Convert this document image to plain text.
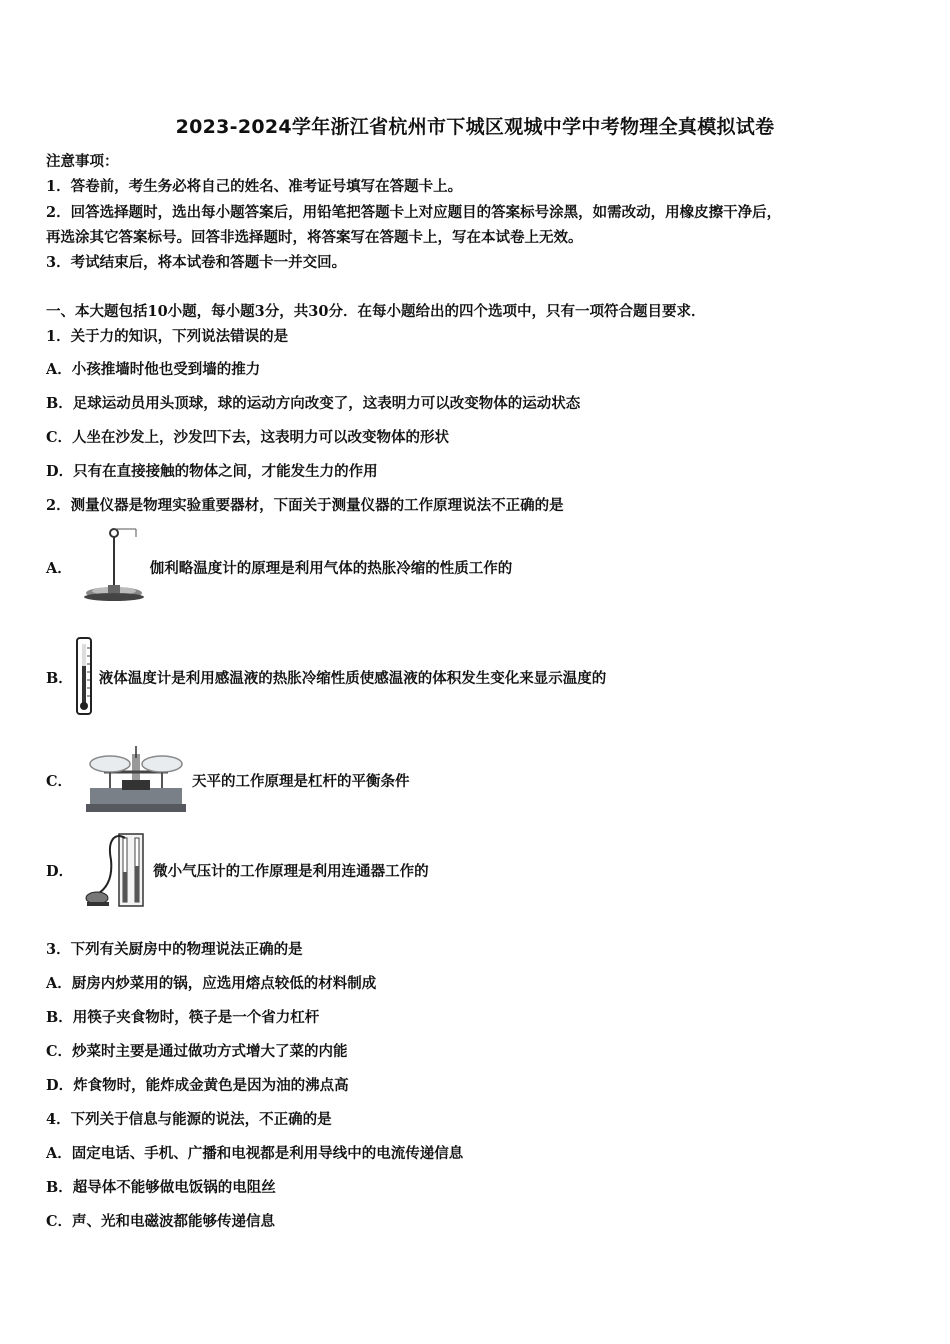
2023-2024学年浙江省杭州市下城区观城中学中考物理全真模拟试卷
注意事项：
1．答卷前，考生务必将自己的姓名、准考证号填写在答题卡上。
2．回答选择题时，选出每小题答案后，用铅笔把答题卡上对应题目的答案标号涂黑，如需改动，用橡皮擦干净后，
再选涂其它答案标号。回答非选择题时，将答案写在答题卡上，写在本试卷上无效。
3．考试结束后，将本试卷和答题卡一并交回。
一、本大题包括10小题，每小题3分，共30分．在每小题给出的四个选项中，只有一项符合题目要求．
1．关于力的知识，下列说法错误的是
A．小孩推墙时他也受到墙的推力
B．足球运动员用头顶球，球的运动方向改变了，这表明力可以改变物体的运动状态
C．人坐在沙发上，沙发凹下去，这表明力可以改变物体的形状
D．只有在直接接触的物体之间，才能发生力的作用
2．测量仪器是物理实验重要器材，下面关于测量仪器的工作原理说法不正确的是
A．	伽利略温度计的原理是利用气体的热胀冷缩的性质工作的
B． 液体温度计是利用感温液的热胀冷缩性质使感温液的体积发生变化来显示温度的
C．	天平的工作原理是杠杆的平衡条件
D．	微小气压计的工作原理是利用连通器工作的
3．下列有关厨房中的物理说法正确的是
A．厨房内炒菜用的锅，应选用熔点较低的材料制成
B．用筷子夹食物时，筷子是一个省力杠杆
C．炒菜时主要是通过做功方式增大了菜的内能
D．炸食物时，能炸成金黄色是因为油的沸点高
4．下列关于信息与能源的说法，不正确的是
A．固定电话、手机、广播和电视都是利用导线中的电流传递信息
B．超导体不能够做电饭锅的电阻丝
C．声、光和电磁波都能够传递信息
